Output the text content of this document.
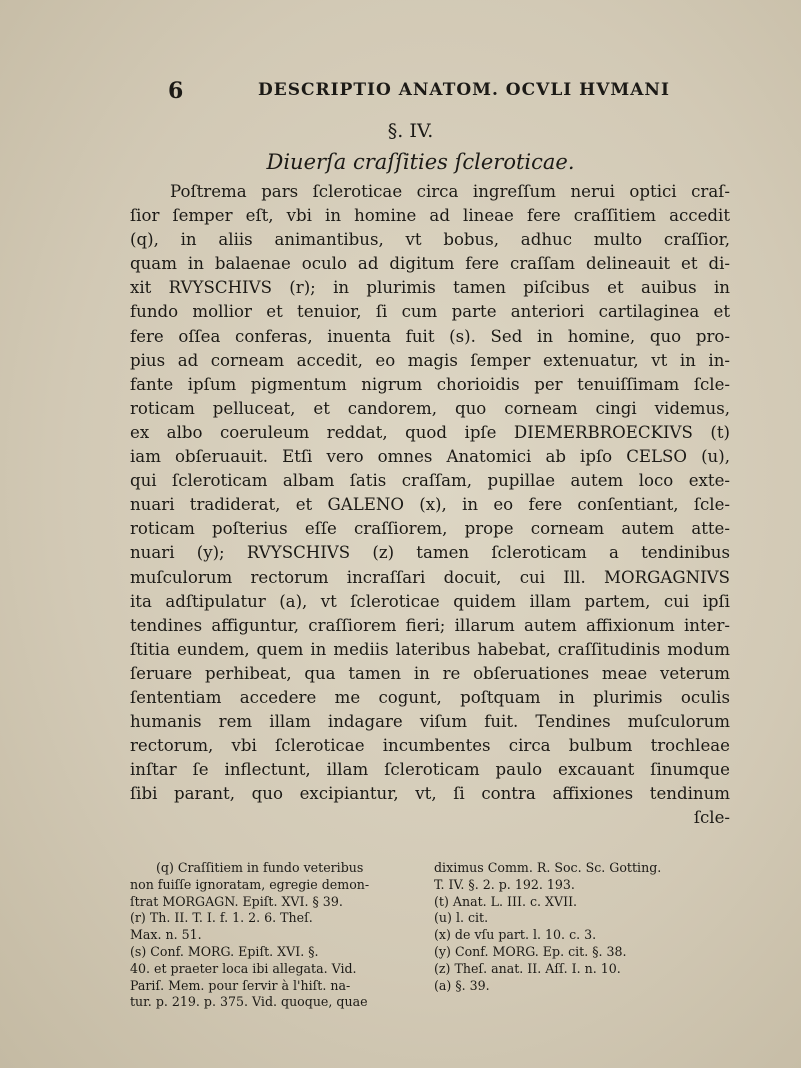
6	DESCRIPTIO ANATOM. OCVLI HVMANI
§. IV.
Diuerſa craſſities ſcleroticae.
Poſtrema pars ſcleroticae circa ingreſſum nerui optici craſ-
ſior ſemper eſt, vbi in homine ad lineae fere craſſitiem accedit
(q), in aliis animantibus, vt bobus, adhuc multo craſſior,
quam in balaenae oculo ad digitum fere craſſam delineauit et di-
xit RVYSCHIVS (r); in plurimis tamen piſcibus et auibus in
fundo mollior et tenuior, ſi cum parte anteriori cartilaginea et
fere oſſea conferas, inuenta fuit (s). Sed in homine, quo pro-
pius ad corneam accedit, eo magis ſemper extenuatur, vt in in-
fante ipſum pigmentum nigrum chorioidis per tenuiſſimam ſcle-
roticam pelluceat, et candorem, quo corneam cingi videmus,
ex albo coeruleum reddat, quod ipſe DIEMERBROECKIVS (t)
iam obſeruauit. Etſi vero omnes Anatomici ab ipſo CELSO (u),
qui ſcleroticam albam ſatis craſſam, pupillae autem loco exte-
nuari tradiderat, et GALENO (x), in eo fere conſentiant, ſcle-
roticam poſterius eſſe craſſiorem, prope corneam autem atte-
nuari (y); RVYSCHIVS (z) tamen ſcleroticam a tendinibus
muſculorum rectorum incraſſari docuit, cui Ill. MORGAGNIVS
ita adſtipulatur (a), vt ſcleroticae quidem illam partem, cui ipſi
tendines affiguntur, craſſiorem fieri; illarum autem affixionum inter-
ſtitia eundem, quem in mediis lateribus habebat, craſſitudinis modum
ſeruare perhibeat, qua tamen in re obſeruationes meae veterum
ſententiam accedere me cogunt, poſtquam in plurimis oculis
humanis rem illam indagare viſum fuit. Tendines muſculorum
rectorum, vbi ſcleroticae incumbentes circa bulbum trochleae
inſtar ſe inflectunt, illam ſcleroticam paulo excauant ſinumque
ſibi parant, quo excipiantur, vt, ſi contra affixiones tendinum
ſcle-
(q) Craſſitiem in fundo veteribus
non fuiſſe ignoratam, egregie demon-
ſtrat MORGAGN. Epiſt. XVI. § 39.
(r) Th. II. T. I. f. 1. 2. 6. Theſ.
Max. n. 51.
(s) Conf. MORG. Epiſt. XVI. §.
40. et praeter loca ibi allegata. Vid.
Pariſ. Mem. pour ſervir à l'hiſt. na-
tur. p. 219. p. 375. Vid. quoque, quae
diximus Comm. R. Soc. Sc. Gotting.
T. IV. §. 2. p. 192. 193.
(t) Anat. L. III. c. XVII.
(u) l. cit.
(x) de vſu part. l. 10. c. 3.
(y) Conf. MORG. Ep. cit. §. 38.
(z) Theſ. anat. II. Aſſ. I. n. 10.
(a) §. 39.
